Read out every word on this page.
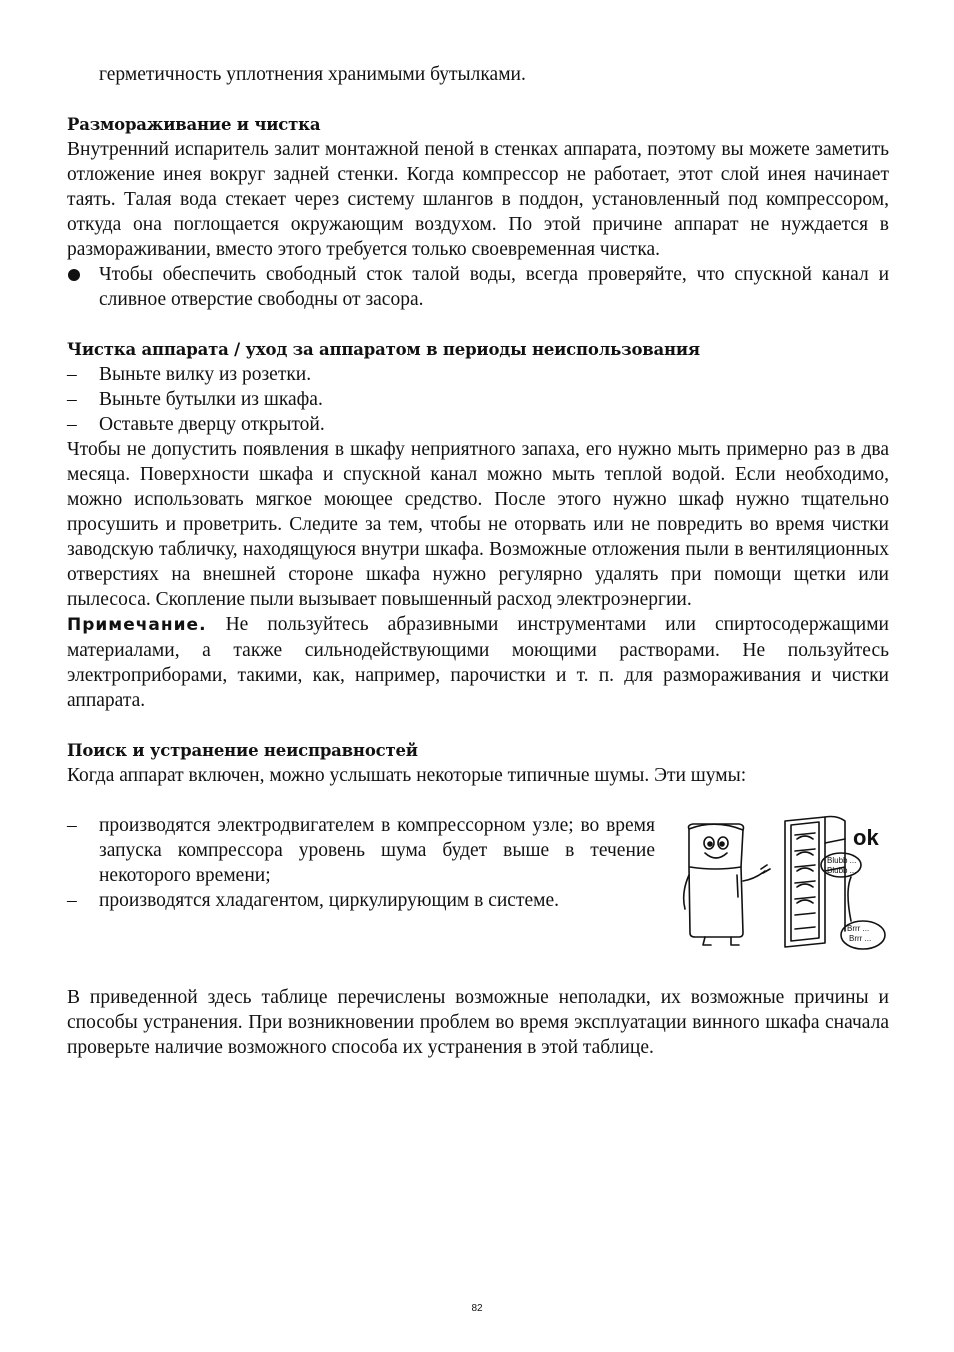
герметичность уплотнения хранимыми бутылками.

Размораживание и чистка

Внутренний испаритель залит монтажной пеной в стенках аппарата, поэтому вы можете заметить отложение инея вокруг задней стенки. Когда компрессор не работает, этот слой инея начинает таять. Талая вода стекает через систему шлангов в поддон, установленный под компрессором, откуда она поглощается окружающим воздухом. По этой причине аппарат не нуждается в размораживании, вместо этого требуется только своевременная чистка.

Чтобы обеспечить свободный сток талой воды, всегда проверяйте, что спускной канал и сливное отверстие свободны от засора.
Чистка аппарата / уход за аппаратом в периоды неиспользования
–	Выньте вилку из розетки.
–	Выньте бутылки из шкафа.
–	Оставьте дверцу открытой.

Чтобы не допустить появления в шкафу неприятного запаха, его нужно мыть примерно раз в два месяца. Поверхности шкафа и спускной канал можно мыть теплой водой. Если необходимо, можно использовать мягкое моющее средство. После этого нужно шкаф нужно тщательно просушить и проветрить. Следите за тем, чтобы не оторвать или не повредить во время чистки заводскую табличку, находящуюся внутри шкафа. Возможные отложения пыли в вентиляционных отверстиях на внешней стороне шкафа нужно регулярно удалять при помощи щетки или пылесоса. Скопление пыли вызывает повышенный расход электроэнергии.

Примечание. Не пользуйтесь абразивными инструментами или спиртосодержащими материалами, а также сильнодействующими моющими растворами. Не пользуйтесь электроприборами, такими, как, например, парочистки и т. п. для размораживания и чистки аппарата.

Поиск и устранение неисправностей

Когда аппарат включен, можно услышать некоторые типичные шумы. Эти шумы:

–	производятся электродвигателем в компрессорном узле; во время запуска компрессора уровень шума будет выше в течение некоторого времени;
–	производятся хладагентом, циркулирующим в системе.
ok
Blubb ...
Blubb ...
Brrr ...
Brrr ...

В приведенной здесь таблице перечислены возможные неполадки, их возможные причины и способы устранения. При возникновении проблем во время эксплуатации винного шкафа сначала проверьте наличие возможного способа их устранения в этой таблице.

82
